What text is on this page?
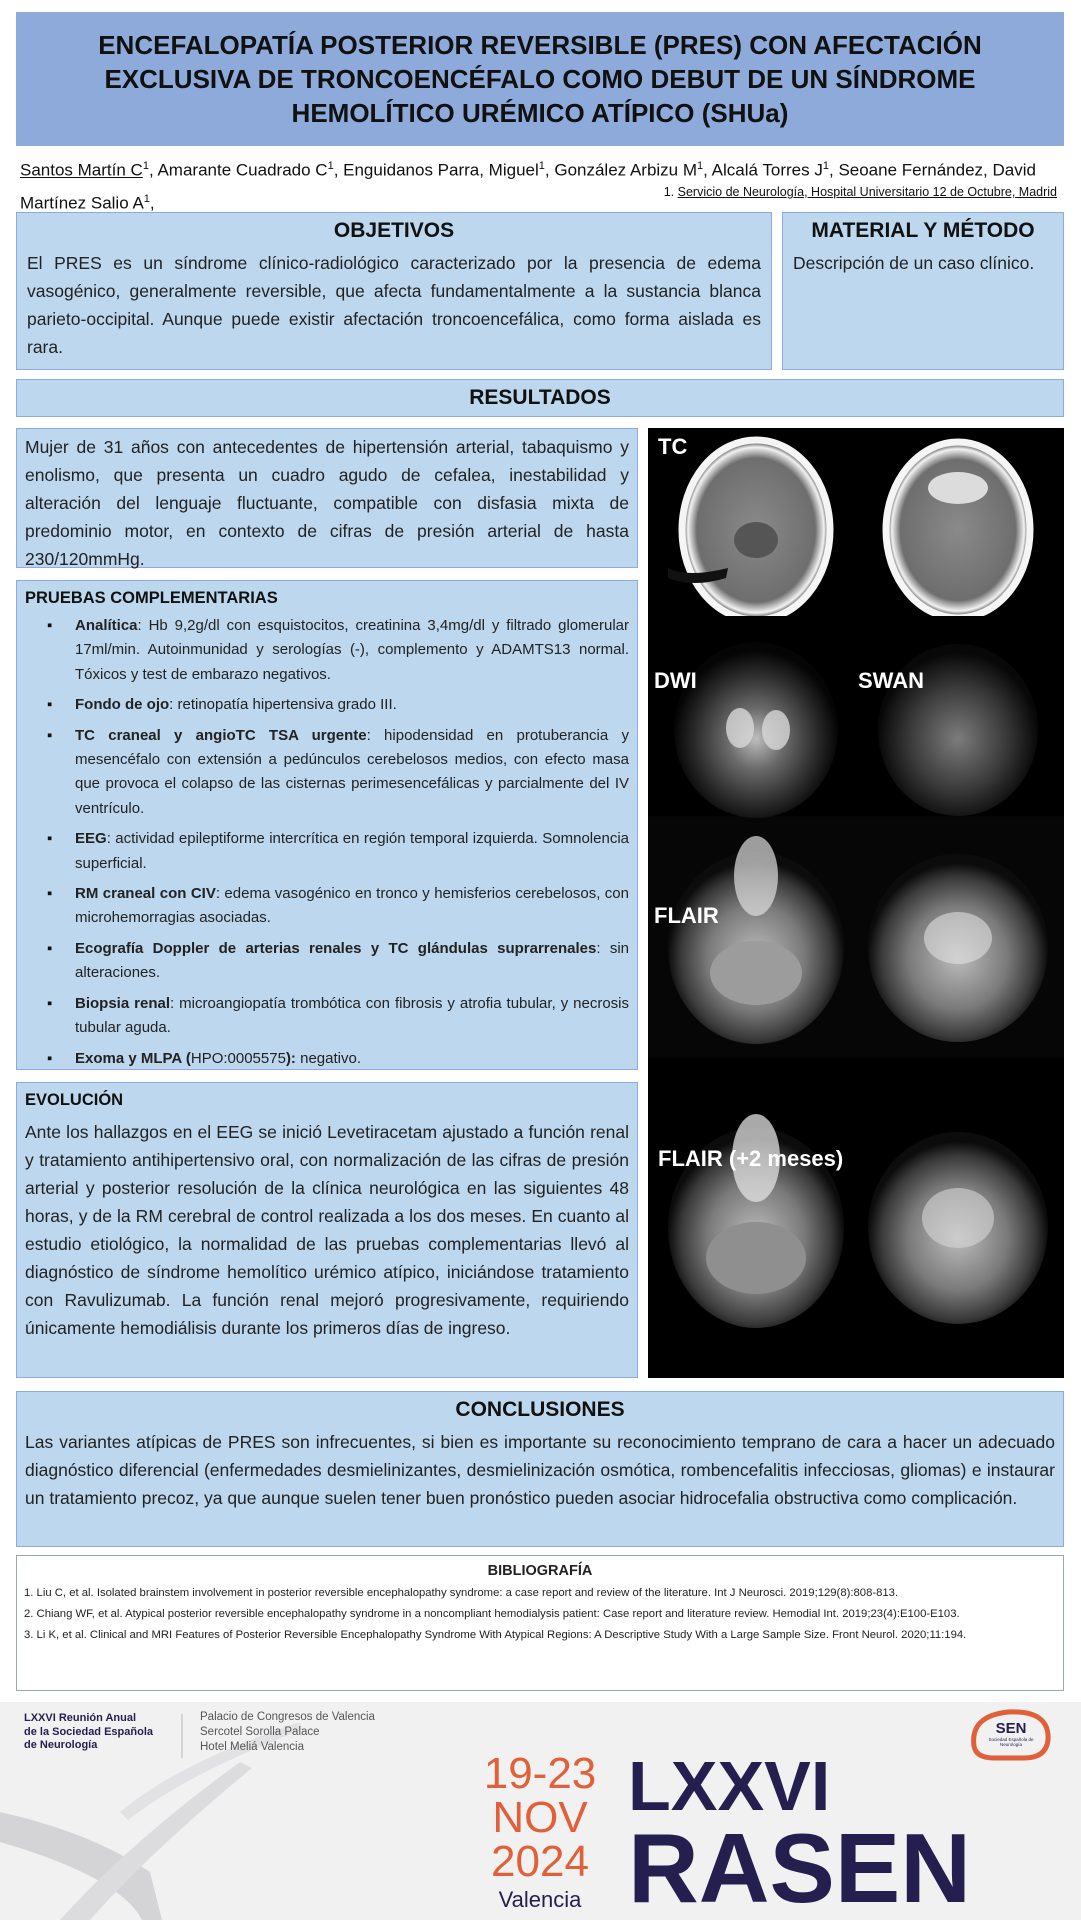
ENCEFALOPATÍA POSTERIOR REVERSIBLE (PRES) CON AFECTACIÓN EXCLUSIVA DE TRONCOENCÉFALO COMO DEBUT DE UN SÍNDROME HEMOLÍTICO URÉMICO ATÍPICO (SHUa)
Santos Martín $C^1$, Amarante Cuadrado $C^1$, Enguidanos Parra, Miguel$^1$, González Arbizu $M^1$, Alcalá Torres $J^1$, Seoane Fernández, David
Martínez Salio $A^1$,
1. Servicio de Neurología, Hospital Universitario 12 de Octubre, Madrid
OBJETIVOS
El PRES es un síndrome clínico-radiológico caracterizado por la presencia de edema vasogénico, generalmente reversible, que afecta fundamentalmente a la sustancia blanca parieto-occipital. Aunque puede existir afectación troncoencefálica, como forma aislada es rara.
MATERIAL Y MÉTODO
Descripción de un caso clínico.
RESULTADOS
Mujer de 31 años con antecedentes de hipertensión arterial, tabaquismo y enolismo, que presenta un cuadro agudo de cefalea, inestabilidad y alteración del lenguaje fluctuante, compatible con disfasia mixta de predominio motor, en contexto de cifras de presión arterial de hasta 230/120mmHg.
PRUEBAS COMPLEMENTARIAS
▪ Analítica: Hb 9,2g/dl con esquistocitos, creatinina 3,4mg/dl y filtrado glomerular 17ml/min. Autoinmunidad y serologías (-), complemento y ADAMTS13 normal. Tóxicos y test de embarazo negativos.
▪ Fondo de ojo: retinopatía hipertensiva grado III.
▪ TC craneal y angioTC TSA urgente: hipodensidad en protuberancia y mesencéfalo con extensión a pedúnculos cerebelosos medios, con efecto masa que provoca el colapso de las cisternas perimesencefálicas y parcialmente del IV ventrículo.
▪ EEG: actividad epileptiforme intercrítica en región temporal izquierda. Somnolencia superficial.
▪ RM craneal con CIV: edema vasogénico en tronco y hemisferios cerebelosos, con microhemorragias asociadas.
▪ Ecografía Doppler de arterias renales y TC glándulas suprarrenales: sin alteraciones.
▪ Biopsia renal: microangiopatía trombótica con fibrosis y atrofia tubular, y necrosis tubular aguda.
▪ Exoma y MLPA (HPO:0005575): negativo.
EVOLUCIÓN
Ante los hallazgos en el EEG se inició Levetiracetam ajustado a función renal y tratamiento antihipertensivo oral, con normalización de las cifras de presión arterial y posterior resolución de la clínica neurológica en las siguientes 48 horas, y de la RM cerebral de control realizada a los dos meses. En cuanto al estudio etiológico, la normalidad de las pruebas complementarias llevó al diagnóstico de síndrome hemolítico urémico atípico, iniciándose tratamiento con Ravulizumab. La función renal mejoró progresivamente, requiriendo únicamente hemodiálisis durante los primeros días de ingreso.
TC
DWI	SWAN
FLAIR
FLAIR (+2 meses)
CONCLUSIONES
Las variantes atípicas de PRES son infrecuentes, si bien es importante su reconocimiento temprano de cara a hacer un adecuado diagnóstico diferencial (enfermedades desmielinizantes, desmielinización osmótica, rombencefalitis infecciosas, gliomas) e instaurar un tratamiento precoz, ya que aunque suelen tener buen pronóstico pueden asociar hidrocefalia obstructiva como complicación.
BIBLIOGRAFÍA
1. Liu C, et al. Isolated brainstem involvement in posterior reversible encephalopathy syndrome: a case report and review of the literature. Int J Neurosci. 2019;129(8):808-813.
2. Chiang WF, et al. Atypical posterior reversible encephalopathy syndrome in a noncompliant hemodialysis patient: Case report and literature review. Hemodial Int. 2019;23(4):E100-E103.
3. Li K, et al. Clinical and MRI Features of Posterior Reversible Encephalopathy Syndrome With Atypical Regions: A Descriptive Study With a Large Sample Size. Front Neurol. 2020;11:194.
LXXVI Reunión Anual
de la Sociedad Española
de Neurología
Palacio de Congresos de Valencia
Sercotel Sorolla Palace
Hotel Meliá Valencia
19-23
NOV
2024
Valencia
LXXVI
RASEN
SEN
Sociedad Española de Neurología
